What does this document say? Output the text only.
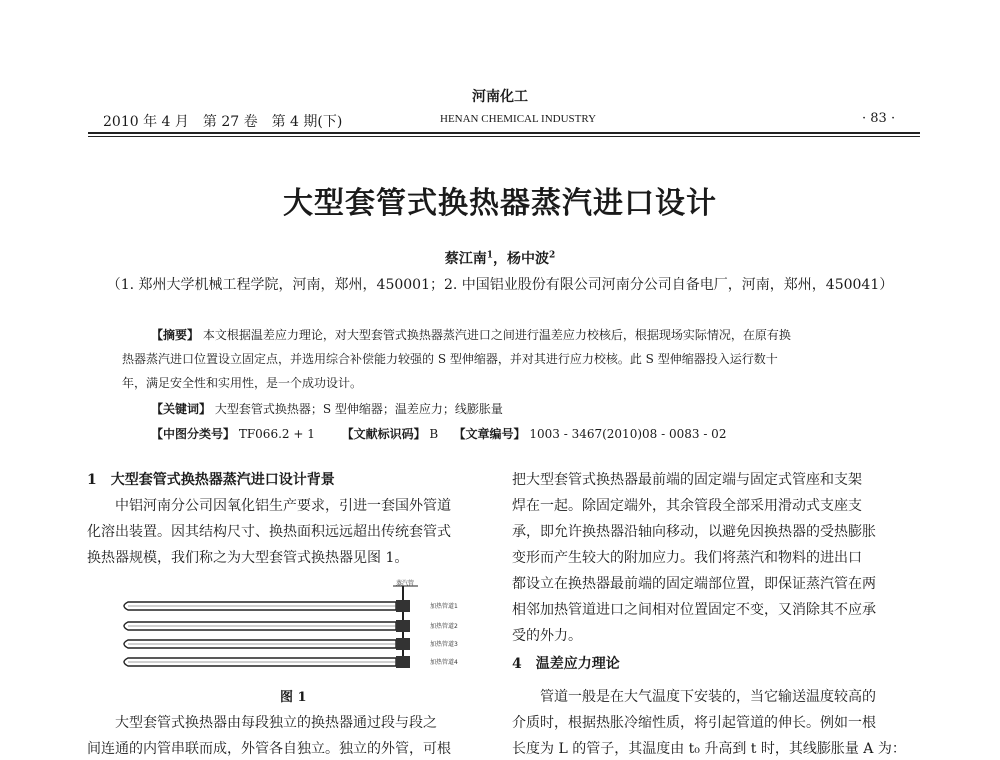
河南化工
2010 年 4 月　第 27 卷　第 4 期(下)	HENAN CHEMICAL INDUSTRY	· 83 ·
大型套管式换热器蒸汽进口设计
蔡江南$^1$，杨中波$^2$
（1. 郑州大学机械工程学院，河南，郑州，450001；2. 中国铝业股份有限公司河南分公司自备电厂，河南，郑州，450041）
【摘要】 本文根据温差应力理论，对大型套管式换热器蒸汽进口之间进行温差应力校核后，根据现场实际情况，在原有换
热器蒸汽进口位置设立固定点，并选用综合补偿能力较强的 S 型伸缩器，并对其进行应力校核。此 S 型伸缩器投入运行数十
年，满足安全性和实用性，是一个成功设计。
【关键词】 大型套管式换热器；S 型伸缩器；温差应力；线膨胀量
【中图分类号】 TF066.2 + 1 【文献标识码】 B 【文章编号】 1003 - 3467(2010)08 - 0083 - 02
1　大型套管式换热器蒸汽进口设计背景
中铝河南分公司因氧化铝生产要求，引进一套国外管道
化溶出装置。因其结构尺寸、换热面积远远超出传统套管式
换热器规模，我们称之为大型套管式换热器见图 1。
蒸汽管
加热管道1
加热管道2
加热管道3
加热管道4
图 1
大型套管式换热器由每段独立的换热器通过段与段之
间连通的内管串联而成，外管各自独立。独立的外管，可根
把大型套管式换热器最前端的固定端与固定式管座和支架
焊在一起。除固定端外，其余管段全部采用滑动式支座支
承，即允许换热器沿轴向移动，以避免因换热器的受热膨胀
变形而产生较大的附加应力。我们将蒸汽和物料的进出口
都设立在换热器最前端的固定端部位置，即保证蒸汽管在两
相邻加热管道进口之间相对位置固定不变，又消除其不应承
受的外力。
4　温差应力理论
管道一般是在大气温度下安装的，当它输送温度较高的
介质时，根据热胀冷缩性质，将引起管道的伸长。例如一根
长度为 L 的管子，其温度由 t₀ 升高到 t 时，其线膨胀量 A 为：
